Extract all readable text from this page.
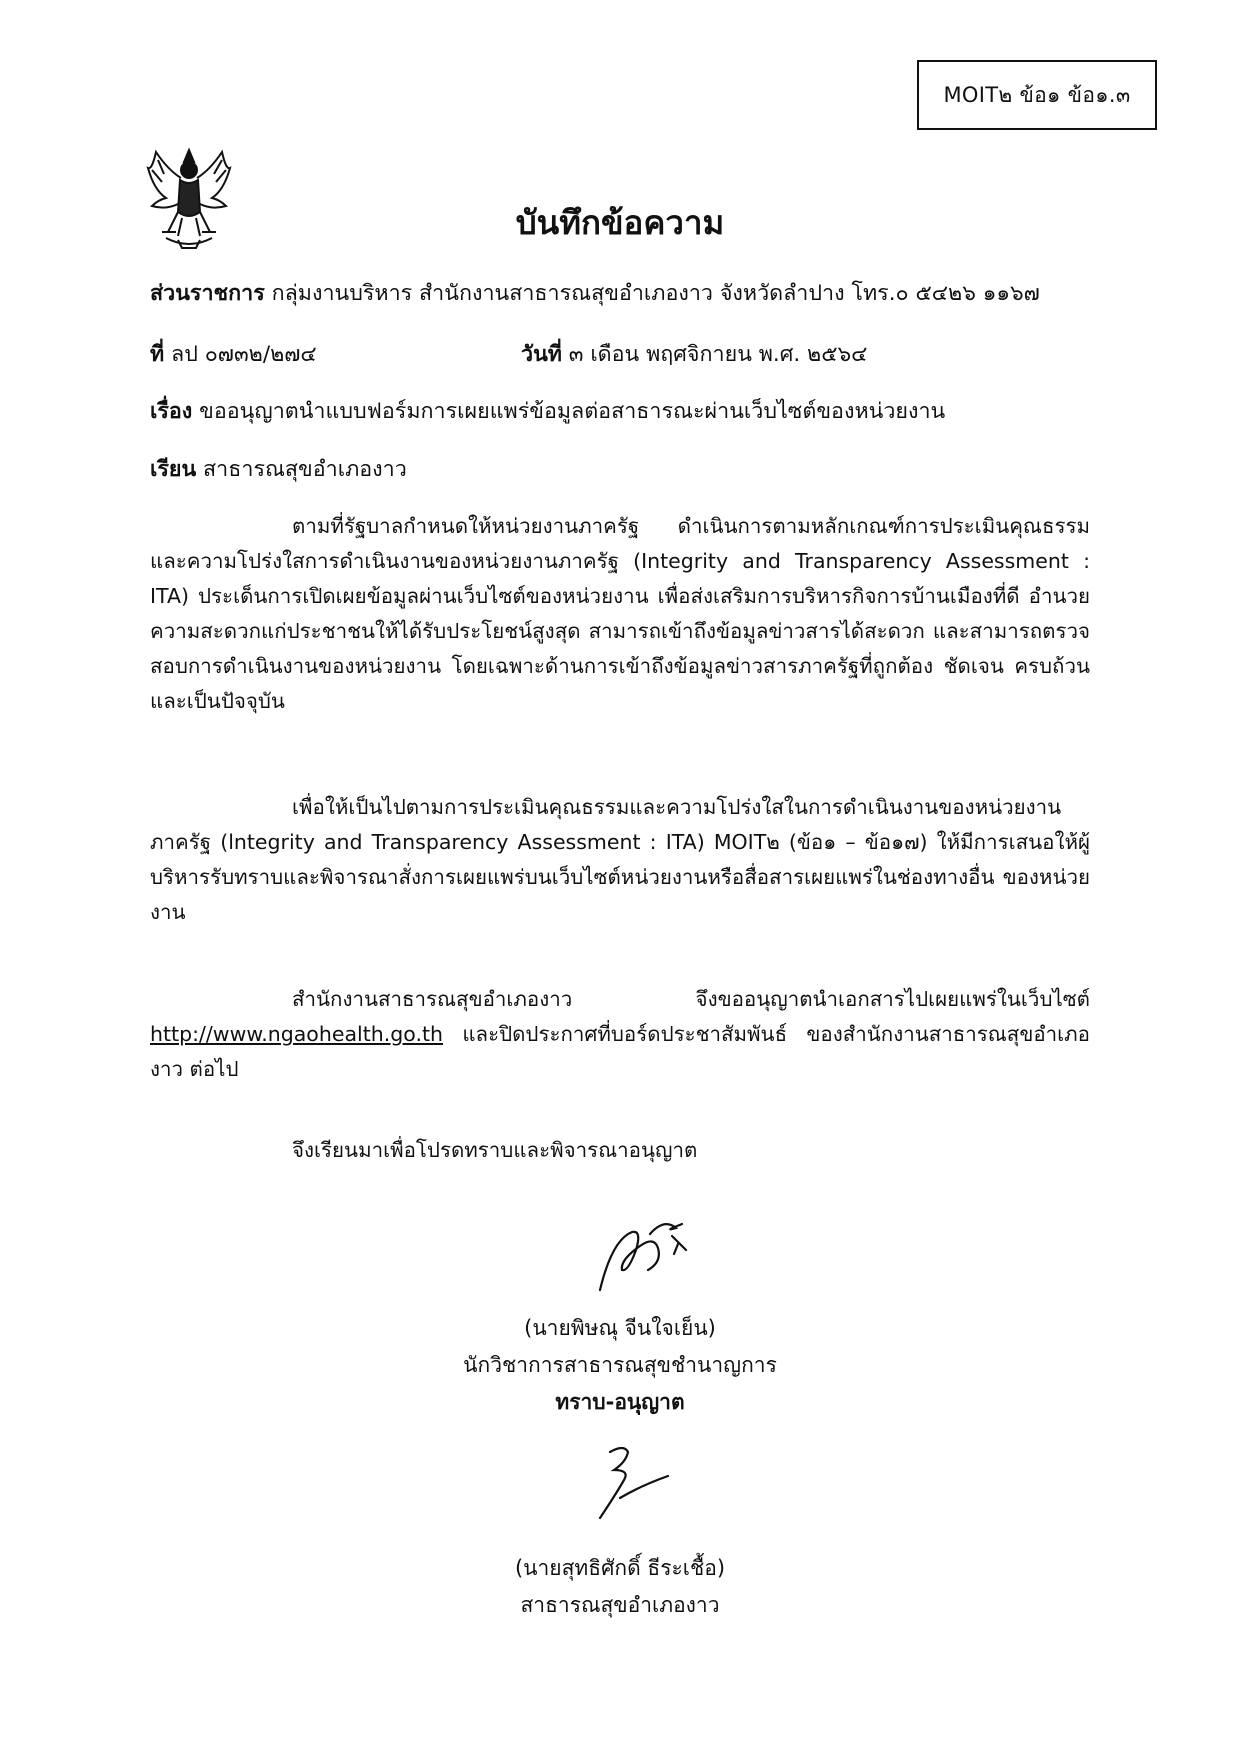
MOIT๒ ข้อ๑ ข้อ๑.๓
บันทึกข้อความ
ส่วนราชการ กลุ่มงานบริหาร สำนักงานสาธารณสุขอำเภองาว จังหวัดลำปาง โทร.๐ ๕๔๒๖ ๑๑๖๗
ที่ ลป ๐๗๓๒/๒๗๔	วันที่ ๓ เดือน พฤศจิกายน พ.ศ. ๒๕๖๔
เรื่อง ขออนุญาตนำแบบฟอร์มการเผยแพร่ข้อมูลต่อสาธารณะผ่านเว็บไซต์ของหน่วยงาน
เรียน สาธารณสุขอำเภองาว
ตามที่รัฐบาลกำหนดให้หน่วยงานภาครัฐ ดำเนินการตามหลักเกณฑ์การประเมินคุณธรรม และความโปร่งใสการดำเนินงานของหน่วยงานภาครัฐ (Integrity and Transparency Assessment : ITA) ประเด็นการเปิดเผยข้อมูลผ่านเว็บไซต์ของหน่วยงาน เพื่อส่งเสริมการบริหารกิจการบ้านเมืองที่ดี อำนวยความสะดวกแก่ประชาชนให้ได้รับประโยชน์สูงสุด สามารถเข้าถึงข้อมูลข่าวสารได้สะดวก และสามารถตรวจสอบการดำเนินงานของหน่วยงาน โดยเฉพาะด้านการเข้าถึงข้อมูลข่าวสารภาครัฐที่ถูกต้อง ชัดเจน ครบถ้วน และเป็นปัจจุบัน
เพื่อให้เป็นไปตามการประเมินคุณธรรมและความโปร่งใสในการดำเนินงานของหน่วยงานภาครัฐ (lntegrity and Transparency Assessment : ITA) MOIT๒ (ข้อ๑ – ข้อ๑๗) ให้มีการเสนอให้ผู้บริหารรับทราบและพิจารณาสั่งการเผยแพร่บนเว็บไซต์หน่วยงานหรือสื่อสารเผยแพร่ในช่องทางอื่น ของหน่วยงาน
สำนักงานสาธารณสุขอำเภองาว จึงขออนุญาตนำเอกสารไปเผยแพร่ในเว็บไซต์ http://www.ngaohealth.go.th และปิดประกาศที่บอร์ดประชาสัมพันธ์ ของสำนักงานสาธารณสุขอำเภองาว ต่อไป
จึงเรียนมาเพื่อโปรดทราบและพิจารณาอนุญาต
(นายพิษณุ จีนใจเย็น)
นักวิชาการสาธารณสุขชำนาญการ
ทราบ-อนุญาต
(นายสุทธิศักดิ์ ธีระเชื้อ)
สาธารณสุขอำเภองาว
